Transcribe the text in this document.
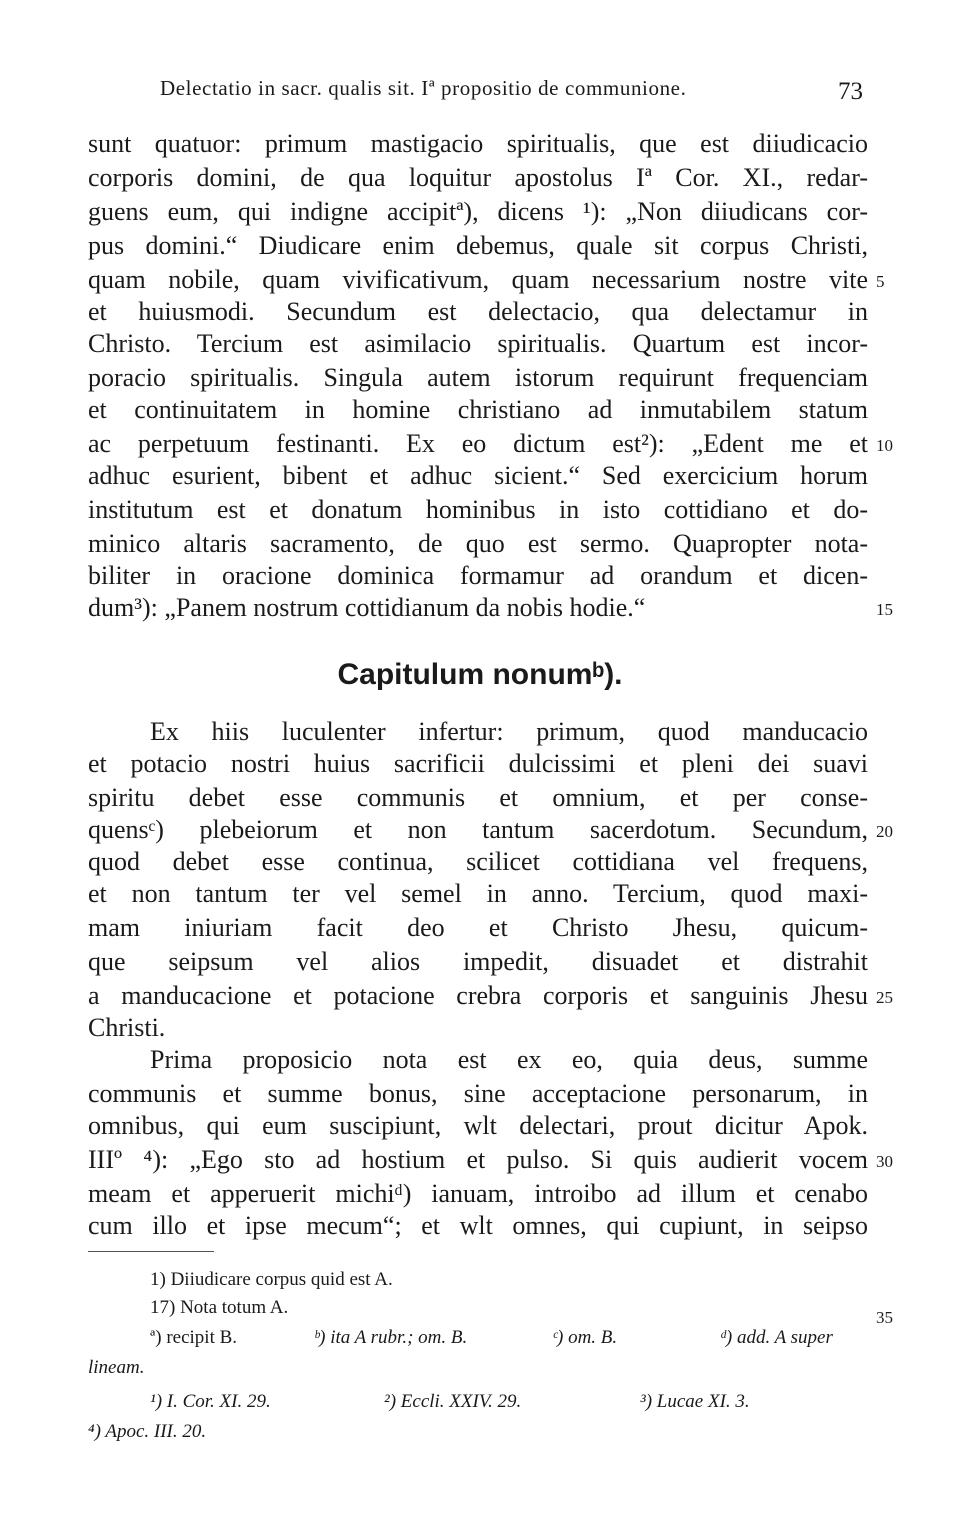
Delectatio in sacr. qualis sit. Iª propositio de communione.	73
sunt quatuor: primum mastigacio spiritualis, que est diiudicacio
corporis domini, de qua loquitur apostolus Iª Cor. XI., redar-
guens eum, qui indigne accipitª), dicens ¹): „Non diiudicans cor-
pus domini.“ Diudicare enim debemus, quale sit corpus Christi,
quam nobile, quam vivificativum, quam necessarium nostre vite
et huiusmodi. Secundum est delectacio, qua delectamur in
Christo. Tercium est asimilacio spiritualis. Quartum est incor-
poracio spiritualis. Singula autem istorum requirunt frequenciam
et continuitatem in homine christiano ad inmutabilem statum
ac perpetuum festinanti. Ex eo dictum est²): „Edent me et
adhuc esurient, bibent et adhuc sicient.“ Sed exercicium horum
institutum est et donatum hominibus in isto cottidiano et do-
minico altaris sacramento, de quo est sermo. Quapropter nota-
biliter in oracione dominica formamur ad orandum et dicen-
dum³): „Panem nostrum cottidianum da nobis hodie.“
Capitulum nonumᵇ).
Ex hiis luculenter infertur: primum, quod manducacio
et potacio nostri huius sacrificii dulcissimi et pleni dei suavi
spiritu debet esse communis et omnium, et per conse-
quensᶜ) plebeiorum et non tantum sacerdotum. Secundum,
quod debet esse continua, scilicet cottidiana vel frequens,
et non tantum ter vel semel in anno. Tercium, quod maxi-
mam iniuriam facit deo et Christo Jhesu, quicum-
que seipsum vel alios impedit, disuadet et distrahit
a manducacione et potacione crebra corporis et sanguinis Jhesu
Christi.
Prima proposicio nota est ex eo, quia deus, summe
communis et summe bonus, sine acceptacione personarum, in
omnibus, qui eum suscipiunt, wlt delectari, prout dicitur Apok.
IIIº ⁴): „Ego sto ad hostium et pulso. Si quis audierit vocem
meam et apperuerit michiᵈ) ianuam, introibo ad illum et cenabo
cum illo et ipse mecum“; et wlt omnes, qui cupiunt, in seipso
5
10
15
20
25
30
35
1) Diiudicare corpus quid est A.
17) Nota totum A.
ª) recipit B.	ᵇ) ita A rubr.; om. B.	ᶜ) om. B.	ᵈ) add. A super
lineam.
¹) I. Cor. XI. 29.	²) Eccli. XXIV. 29.	³) Lucae XI. 3.
⁴) Apoc. III. 20.
